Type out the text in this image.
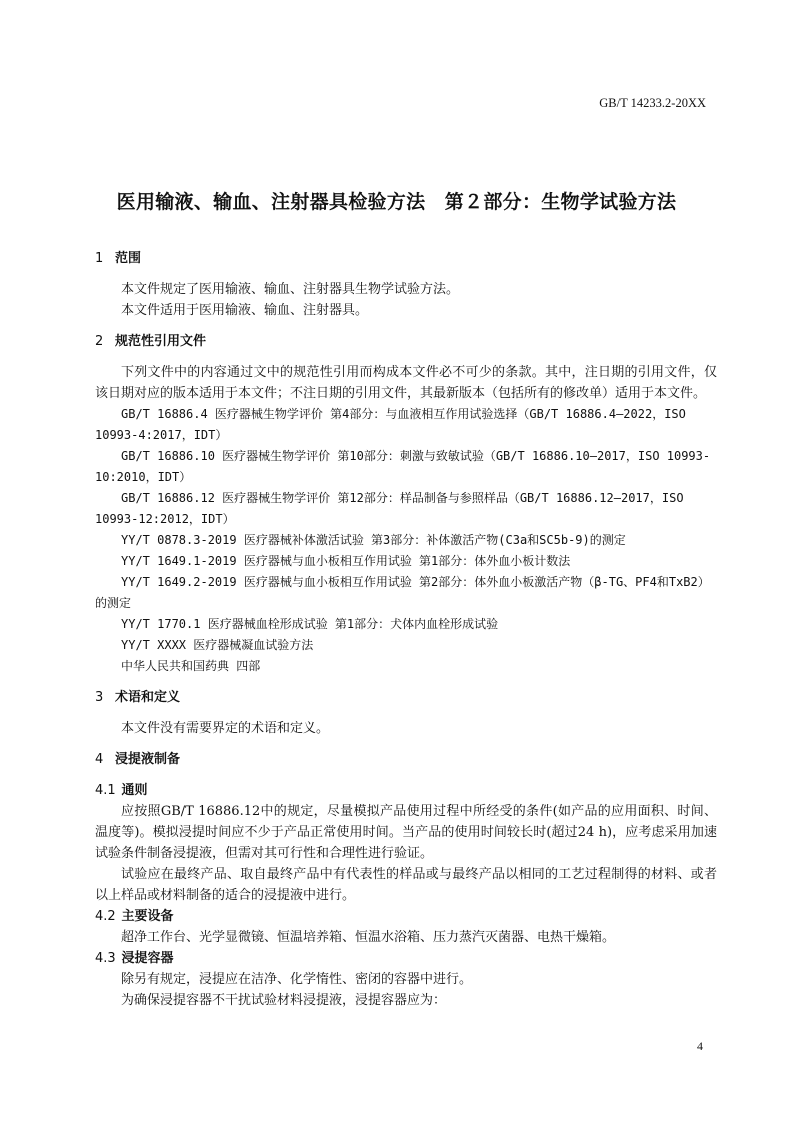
GB/T 14233.2-20XX
医用输液、输血、注射器具检验方法　第２部分：生物学试验方法
1 范围

本文件规定了医用输液、输血、注射器具生物学试验方法。

本文件适用于医用输液、输血、注射器具。

2 规范性引用文件

下列文件中的内容通过文中的规范性引用而构成本文件必不可少的条款。其中，注日期的引用文件，仅该日期对应的版本适用于本文件；不注日期的引用文件，其最新版本（包括所有的修改单）适用于本文件。

GB/T 16886.4 医疗器械生物学评价 第4部分：与血液相互作用试验选择（GB/T 16886.4—2022，ISO 10993-4:2017，IDT）

GB/T 16886.10 医疗器械生物学评价 第10部分：刺激与致敏试验（GB/T 16886.10—2017，ISO 10993-10:2010，IDT）

GB/T 16886.12 医疗器械生物学评价 第12部分：样品制备与参照样品（GB/T 16886.12—2017，ISO 10993-12:2012，IDT）

YY/T 0878.3-2019 医疗器械补体激活试验 第3部分：补体激活产物(C3a和SC5b-9)的测定

YY/T 1649.1-2019 医疗器械与血小板相互作用试验 第1部分：体外血小板计数法

YY/T 1649.2-2019 医疗器械与血小板相互作用试验 第2部分：体外血小板激活产物（β-TG、PF4和TxB2）的测定

YY/T 1770.1 医疗器械血栓形成试验 第1部分：犬体内血栓形成试验

YY/T XXXX 医疗器械凝血试验方法

中华人民共和国药典 四部

3 术语和定义

本文件没有需要界定的术语和定义。

4 浸提液制备
4.1 通则

应按照GB/T 16886.12中的规定，尽量模拟产品使用过程中所经受的条件(如产品的应用面积、时间、温度等)。模拟浸提时间应不少于产品正常使用时间。当产品的使用时间较长时(超过24 h)，应考虑采用加速试验条件制备浸提液，但需对其可行性和合理性进行验证。

试验应在最终产品、取自最终产品中有代表性的样品或与最终产品以相同的工艺过程制得的材料、或者以上样品或材料制备的适合的浸提液中进行。

4.2 主要设备

超净工作台、光学显微镜、恒温培养箱、恒温水浴箱、压力蒸汽灭菌器、电热干燥箱。

4.3 浸提容器

除另有规定，浸提应在洁净、化学惰性、密闭的容器中进行。

为确保浸提容器不干扰试验材料浸提液，浸提容器应为：

4
